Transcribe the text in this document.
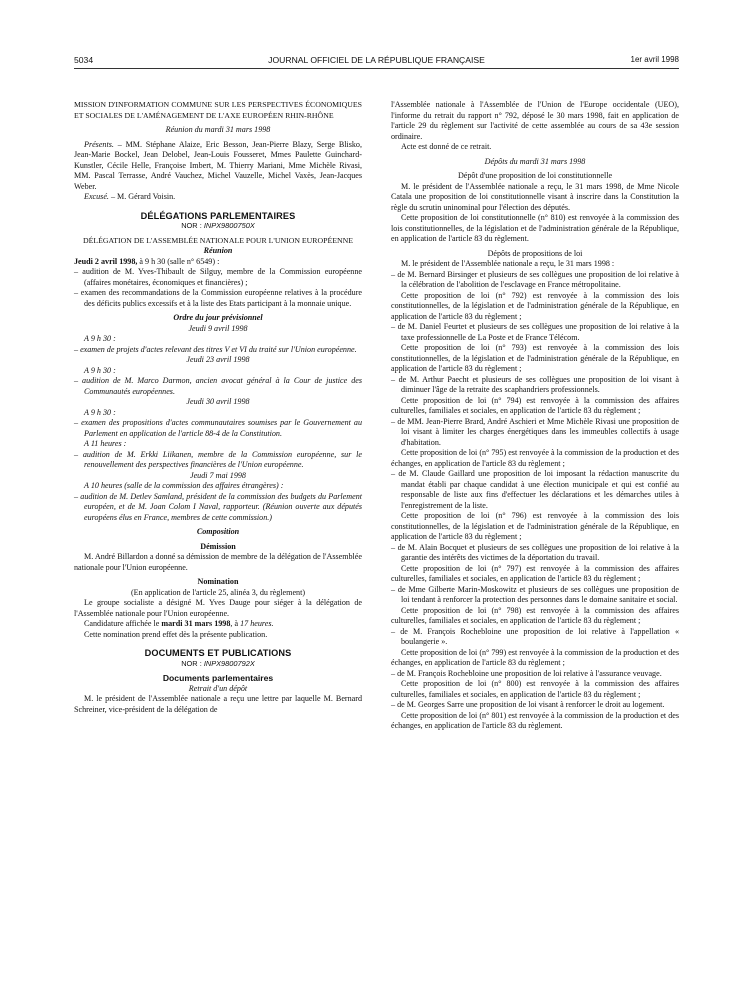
5034	JOURNAL OFFICIEL DE LA RÉPUBLIQUE FRANÇAISE	1er avril 1998

MISSION D'INFORMATION COMMUNE SUR LES PERSPECTIVES ÉCONOMIQUES ET SOCIALES DE L'AMÉNAGEMENT DE L'AXE EUROPÉEN RHIN-RHÔNE

Réunion du mardi 31 mars 1998

Présents. – MM. Stéphane Alaize, Eric Besson, Jean-Pierre Blazy, Serge Blisko, Jean-Marie Bockel, Jean Delobel, Jean-Louis Fousseret, Mmes Paulette Guinchard-Kunstler, Cécile Helle, Françoise Imbert, M. Thierry Mariani, Mme Michèle Rivasi, MM. Pascal Terrasse, André Vauchez, Michel Vauzelle, Michel Vaxès, Jean-Jacques Weber.

Excusé. – M. Gérard Voisin.

DÉLÉGATIONS PARLEMENTAIRES

NOR : INPX9800750X

DÉLÉGATION DE L'ASSEMBLÉE NATIONALE POUR L'UNION EUROPÉENNE

Réunion

Jeudi 2 avril 1998, à 9 h 30 (salle n° 6549) :

– audition de M. Yves-Thibault de Silguy, membre de la Commission européenne (affaires monétaires, économiques et financières) ;

– examen des recommandations de la Commission européenne relatives à la procédure des déficits publics excessifs et à la liste des Etats participant à la monnaie unique.

Ordre du jour prévisionnel

Jeudi 9 avril 1998

A 9 h 30 :

– examen de projets d'actes relevant des titres V et VI du traité sur l'Union européenne.

Jeudi 23 avril 1998

A 9 h 30 :

– audition de M. Marco Darmon, ancien avocat général à la Cour de justice des Communautés européennes.

Jeudi 30 avril 1998

A 9 h 30 :

– examen des propositions d'actes communautaires soumises par le Gouvernement au Parlement en application de l'article 88-4 de la Constitution.

A 11 heures :

– audition de M. Erkki Liikanen, membre de la Commission européenne, sur le renouvellement des perspectives financières de l'Union européenne.

Jeudi 7 mai 1998

A 10 heures (salle de la commission des affaires étrangères) :

– audition de M. Detlev Samland, président de la commission des budgets du Parlement européen, et de M. Joan Colom I Naval, rapporteur. (Réunion ouverte aux députés européens élus en France, membres de cette commission.)

Composition

Démission

M. André Billardon a donné sa démission de membre de la délégation de l'Assemblée nationale pour l'Union européenne.

Nomination

(En application de l'article 25, alinéa 3, du règlement)

Le groupe socialiste a désigné M. Yves Dauge pour siéger à la délégation de l'Assemblée nationale pour l'Union européenne.

Candidature affichée le mardi 31 mars 1998, à 17 heures.

Cette nomination prend effet dès la présente publication.

DOCUMENTS ET PUBLICATIONS

NOR : INPX9800792X

Documents parlementaires

Retrait d'un dépôt

M. le président de l'Assemblée nationale a reçu une lettre par laquelle M. Bernard Schreiner, vice-président de la délégation de

l'Assemblée nationale à l'Assemblée de l'Union de l'Europe occidentale (UEO), l'informe du retrait du rapport n° 792, déposé le 30 mars 1998, fait en application de l'article 29 du règlement sur l'activité de cette assemblée au cours de sa 43e session ordinaire.

Acte est donné de ce retrait.

Dépôts du mardi 31 mars 1998

Dépôt d'une proposition de loi constitutionnelle

M. le président de l'Assemblée nationale a reçu, le 31 mars 1998, de Mme Nicole Catala une proposition de loi constitutionnelle visant à inscrire dans la Constitution la règle du scrutin uninominal pour l'élection des députés.

Cette proposition de loi constitutionnelle (n° 810) est renvoyée à la commission des lois constitutionnelles, de la législation et de l'administration générale de la République, en application de l'article 83 du règlement.

Dépôts de propositions de loi

M. le président de l'Assemblée nationale a reçu, le 31 mars 1998 :

– de M. Bernard Birsinger et plusieurs de ses collègues une proposition de loi relative à la célébration de l'abolition de l'esclavage en France métropolitaine.

Cette proposition de loi (n° 792) est renvoyée à la commission des lois constitutionnelles, de la législation et de l'administration générale de la République, en application de l'article 83 du règlement ;

– de M. Daniel Feurtet et plusieurs de ses collègues une proposition de loi relative à la taxe professionnelle de La Poste et de France Télécom.

Cette proposition de loi (n° 793) est renvoyée à la commission des lois constitutionnelles, de la législation et de l'administration générale de la République, en application de l'article 83 du règlement ;

– de M. Arthur Paecht et plusieurs de ses collègues une proposition de loi visant à diminuer l'âge de la retraite des scaphandriers professionnels.

Cette proposition de loi (n° 794) est renvoyée à la commission des affaires culturelles, familiales et sociales, en application de l'article 83 du règlement ;

– de MM. Jean-Pierre Brard, André Aschieri et Mme Michèle Rivasi une proposition de loi visant à limiter les charges énergétiques dans les immeubles collectifs à usage d'habitation.

Cette proposition de loi (n° 795) est renvoyée à la commission de la production et des échanges, en application de l'article 83 du règlement ;

– de M. Claude Gaillard une proposition de loi imposant la rédaction manuscrite du mandat établi par chaque candidat à une élection municipale et qui est confié au responsable de liste aux fins d'effectuer les déclarations et les démarches utiles à l'enregistrement de la liste.

Cette proposition de loi (n° 796) est renvoyée à la commission des lois constitutionnelles, de la législation et de l'administration générale de la République, en application de l'article 83 du règlement ;

– de M. Alain Bocquet et plusieurs de ses collègues une proposition de loi relative à la garantie des intérêts des victimes de la déportation du travail.

Cette proposition de loi (n° 797) est renvoyée à la commission des affaires culturelles, familiales et sociales, en application de l'article 83 du règlement ;

– de Mme Gilberte Marin-Moskowitz et plusieurs de ses collègues une proposition de loi tendant à renforcer la protection des personnes dans le domaine sanitaire et social.

Cette proposition de loi (n° 798) est renvoyée à la commission des affaires culturelles, familiales et sociales, en application de l'article 83 du règlement ;

– de M. François Rochebloine une proposition de loi relative à l'appellation « boulangerie ».

Cette proposition de loi (n° 799) est renvoyée à la commission de la production et des échanges, en application de l'article 83 du règlement ;

– de M. François Rochebloine une proposition de loi relative à l'assurance veuvage.

Cette proposition de loi (n° 800) est renvoyée à la commission des affaires culturelles, familiales et sociales, en application de l'article 83 du règlement ;

– de M. Georges Sarre une proposition de loi visant à renforcer le droit au logement.

Cette proposition de loi (n° 801) est renvoyée à la commission de la production et des échanges, en application de l'article 83 du règlement.
